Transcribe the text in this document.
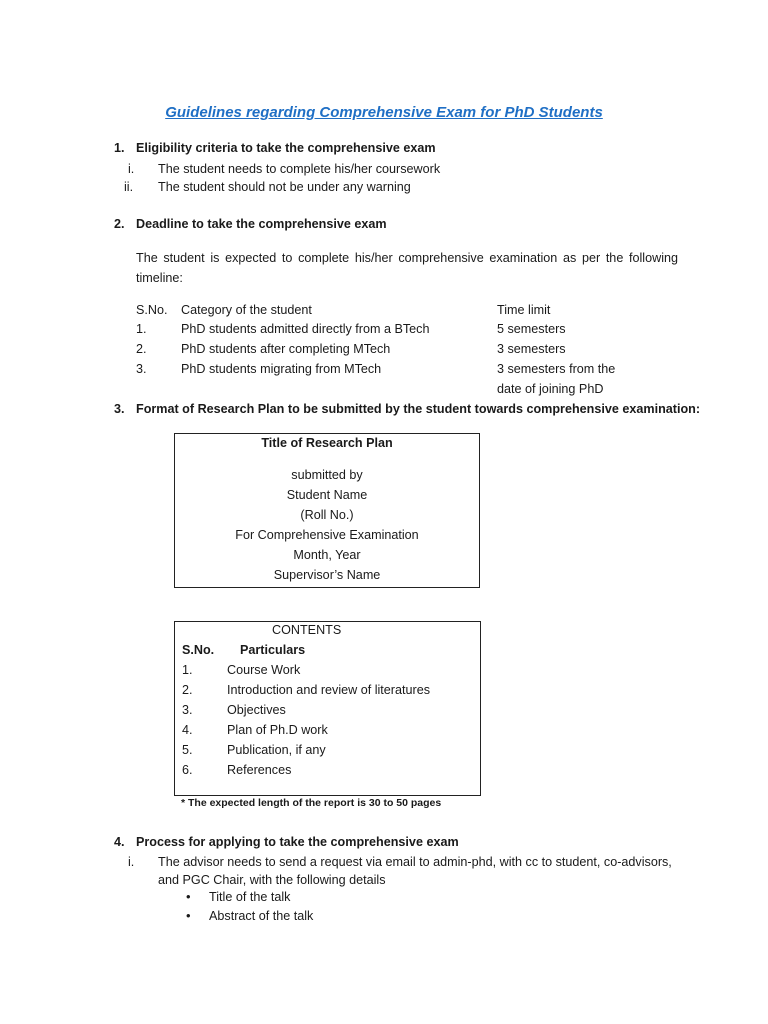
Guidelines regarding Comprehensive Exam for PhD Students
1. Eligibility criteria to take the comprehensive exam
i. The student needs to complete his/her coursework
ii. The student should not be under any warning
2. Deadline to take the comprehensive exam
The student is expected to complete his/her comprehensive examination as per the following timeline:
S.No. Category of the student	Time limit
1.	PhD students admitted directly from a BTech	5 semesters
2.	PhD students after completing MTech	3 semesters
3.	PhD students migrating from MTech	3 semesters from the
date of joining PhD
3. Format of Research Plan to be submitted by the student towards comprehensive examination:
Title of Research Plan
submitted by
Student Name
(Roll No.)
For Comprehensive Examination
Month, Year
Supervisor’s Name
CONTENTS
S.No. Particulars
1.	Course Work
2.	Introduction and review of literatures
3.	Objectives
4.	Plan of Ph.D work
5.	Publication, if any
6.	References
* The expected length of the report is 30 to 50 pages
4. Process for applying to take the comprehensive exam
i. The advisor needs to send a request via email to admin-phd, with cc to student, co-advisors,
and PGC Chair, with the following details
• Title of the talk
• Abstract of the talk
